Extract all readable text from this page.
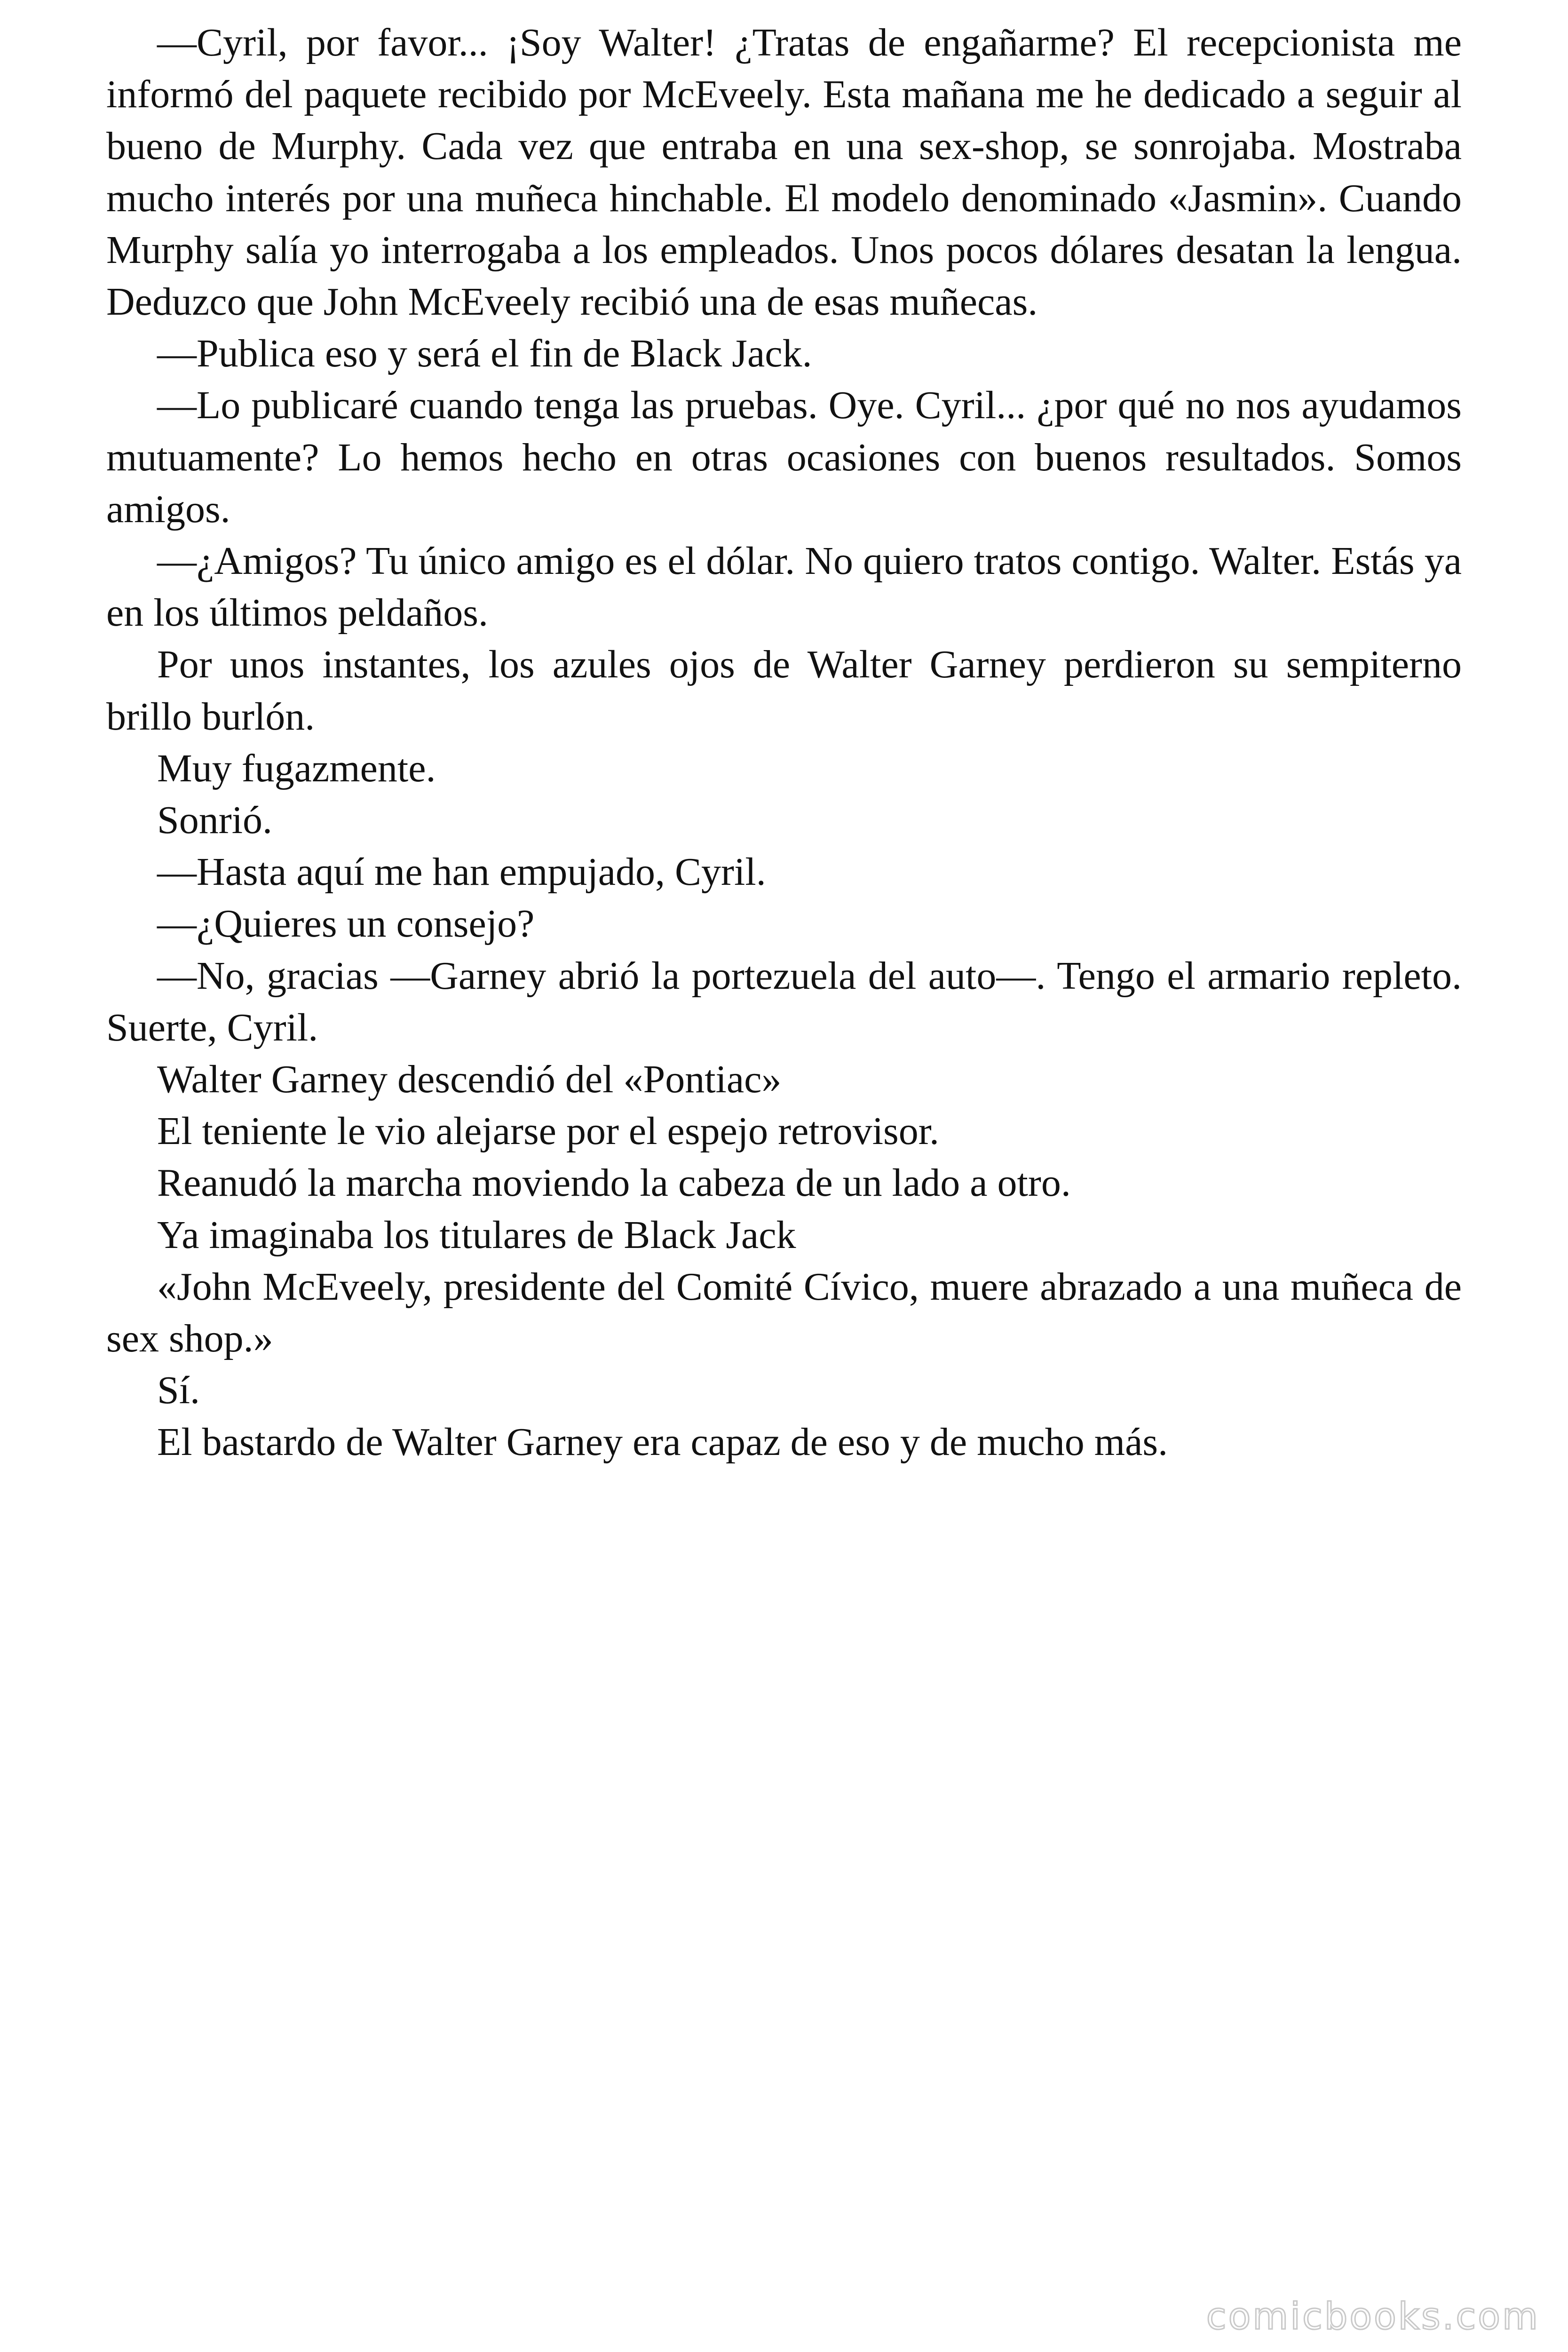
—Cyril, por favor... ¡Soy Walter! ¿Tratas de engañarme? El recepcionista me informó del paquete recibido por McEveely. Esta mañana me he dedicado a seguir al bueno de Murphy. Cada vez que entraba en una sex-shop, se sonrojaba. Mostraba mucho interés por una muñeca hinchable. El modelo denominado «Jasmin». Cuando Murphy salía yo interrogaba a los empleados. Unos pocos dólares desatan la lengua. Deduzco que John McEveely recibió una de esas muñecas.

—Publica eso y será el fin de Black Jack.

—Lo publicaré cuando tenga las pruebas. Oye. Cyril... ¿por qué no nos ayudamos mutuamente? Lo hemos hecho en otras ocasiones con buenos resultados. Somos amigos.

—¿Amigos? Tu único amigo es el dólar. No quiero tratos contigo. Walter. Estás ya en los últimos peldaños.

Por unos instantes, los azules ojos de Walter Garney perdieron su sempiterno brillo burlón.

Muy fugazmente.

Sonrió.

—Hasta aquí me han empujado, Cyril.

—¿Quieres un consejo?

—No, gracias —Garney abrió la portezuela del auto—. Tengo el armario repleto. Suerte, Cyril.

Walter Garney descendió del «Pontiac»

El teniente le vio alejarse por el espejo retrovisor.

Reanudó la marcha moviendo la cabeza de un lado a otro.

Ya imaginaba los titulares de Black Jack

«John McEveely, presidente del Comité Cívico, muere abrazado a una muñeca de sex shop.»

Sí.

El bastardo de Walter Garney era capaz de eso y de mucho más.

comicbooks.com
